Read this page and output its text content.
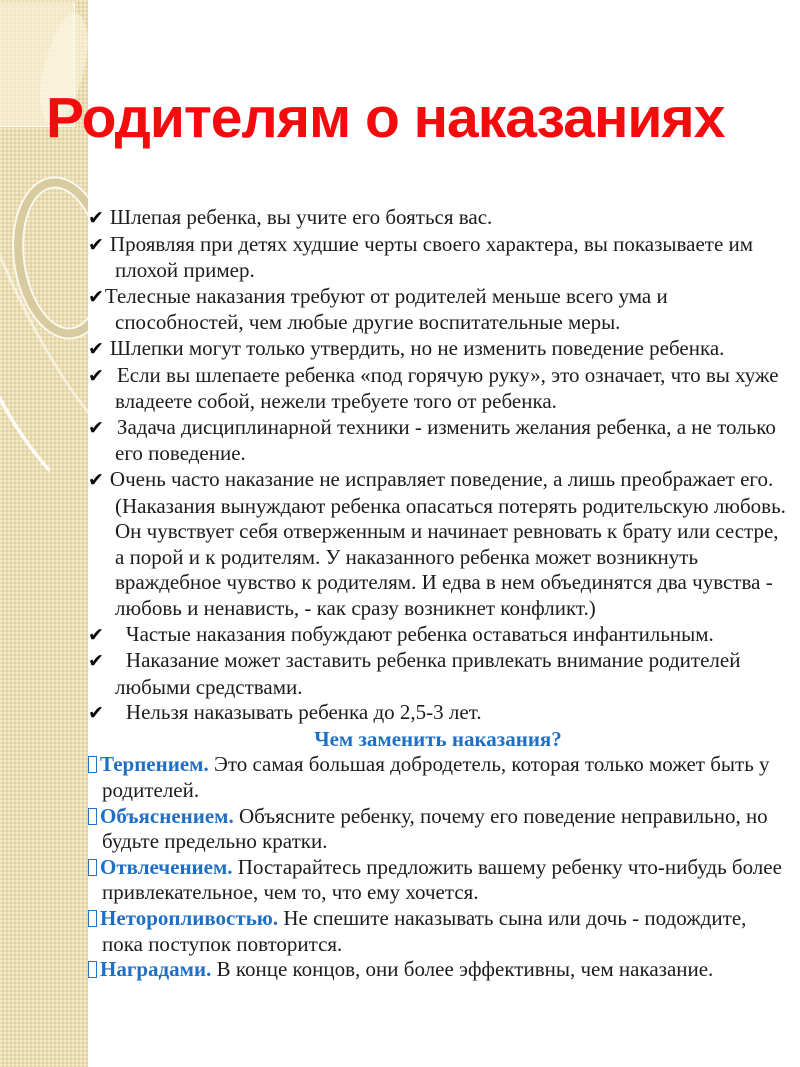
Родителям о наказаниях
✔ Шлепая ребенка, вы учите его бояться вас.
✔ Проявляя при детях худшие черты своего характера, вы показываете им плохой пример.
✔Телесные наказания требуют от родителей меньше всего ума и способностей, чем любые другие воспитательные меры.
✔ Шлепки могут только утвердить, но не изменить поведение ребенка.
✔ Если вы шлепаете ребенка «под горячую руку», это означает, что вы хуже владеете собой, нежели требуете того от ребенка.
✔ Задача дисциплинарной техники - изменить желания ребенка, а не только его поведение.
✔ Очень часто наказание не исправляет поведение, а лишь преображает его. (Наказания вынуждают ребенка опасаться потерять родительскую любовь. Он чувствует себя отверженным и начинает ревновать к брату или сестре, а порой и к родителям. У наказанного ребенка может возникнуть враждебное чувство к родителям. И едва в нем объединятся два чувства - любовь и ненависть, - как сразу возникнет конфликт.)
✔ Частые наказания побуждают ребенка оставаться инфантильным.
✔ Наказание может заставить ребенка привлекать внимание родителей любыми средствами.
✔ Нельзя наказывать ребенка до 2,5-3 лет.
Чем заменить наказания?
Терпением. Это самая большая добродетель, которая только может быть у родителей.
Объяснением. Объясните ребенку, почему его поведение неправильно, но будьте предельно кратки.
Отвлечением. Постарайтесь предложить вашему ребенку что-нибудь более привлекательное, чем то, что ему хочется.
Неторопливостью. Не спешите наказывать сына или дочь - подождите, пока поступок повторится.
Наградами. В конце концов, они более эффективны, чем наказание.
